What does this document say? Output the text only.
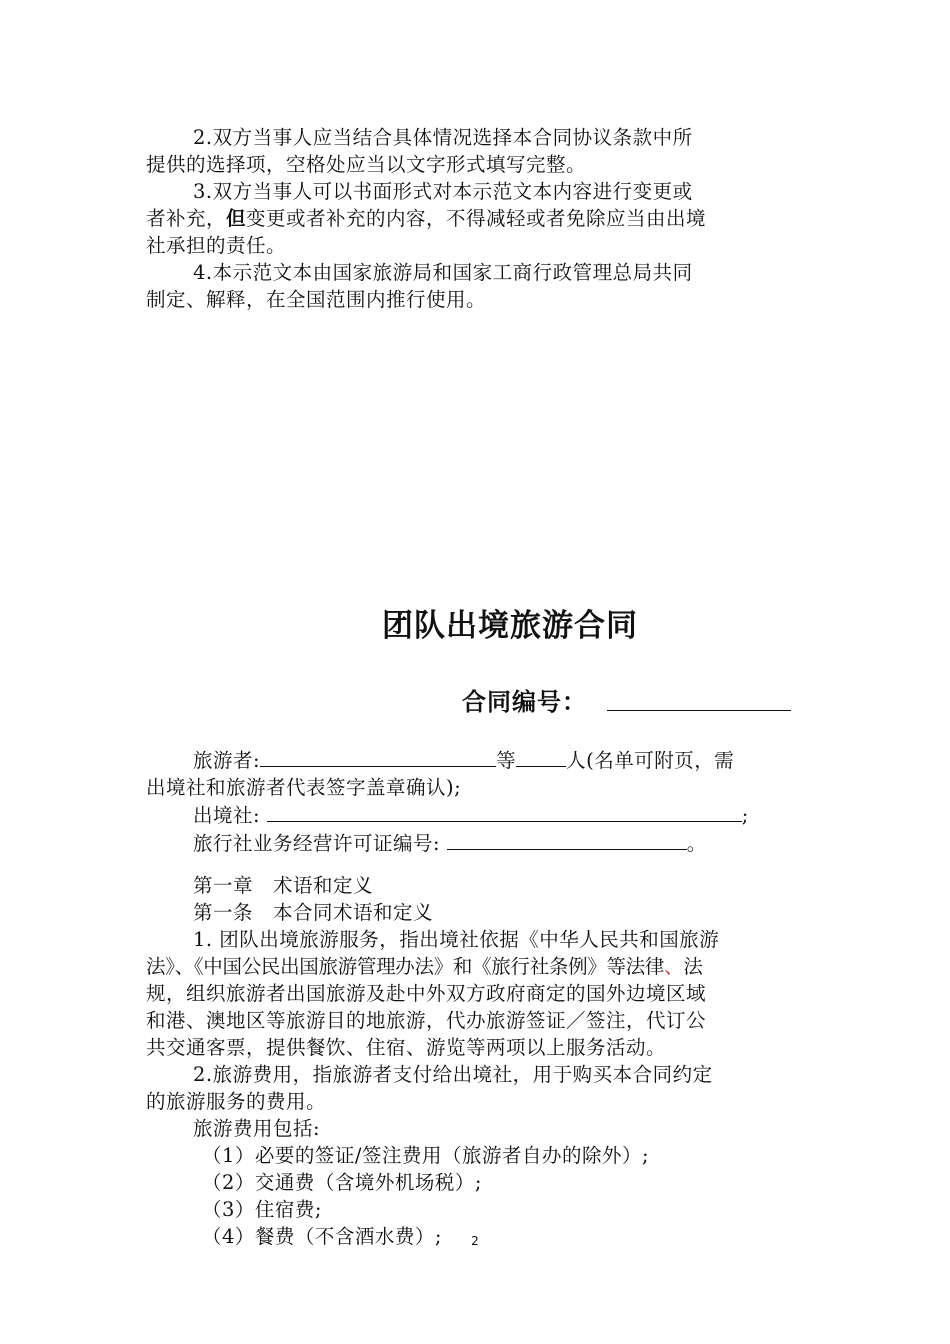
2.双方当事人应当结合具体情况选择本合同协议条款中所

提供的选择项，空格处应当以文字形式填写完整。

3.双方当事人可以书面形式对本示范文本内容进行变更或

者补充，但变更或者补充的内容，不得减轻或者免除应当由出境

社承担的责任。

4.本示范文本由国家旅游局和国家工商行政管理总局共同

制定、解释，在全国范围内推行使用。

团队出境旅游合同
合同编号：

旅游者:	等	人(名单可附页，需

出境社和旅游者代表签字盖章确认);

出境社:	;

旅行社业务经营许可证编号:	。

第一章　术语和定义

第一条　本合同术语和定义

1. 团队出境旅游服务，指出境社依据《中华人民共和国旅游

法》、《中国公民出国旅游管理办法》和《旅行社条例》等法律、法

规，组织旅游者出国旅游及赴中外双方政府商定的国外边境区域

和港、澳地区等旅游目的地旅游，代办旅游签证／签注，代订公

共交通客票，提供餐饮、住宿、游览等两项以上服务活动。

2.旅游费用，指旅游者支付给出境社，用于购买本合同约定

的旅游服务的费用。

旅游费用包括:

（1）必要的签证/签注费用（旅游者自办的除外）;

（2）交通费（含境外机场税）;

（3）住宿费;

（4）餐费（不含酒水费）;	2
